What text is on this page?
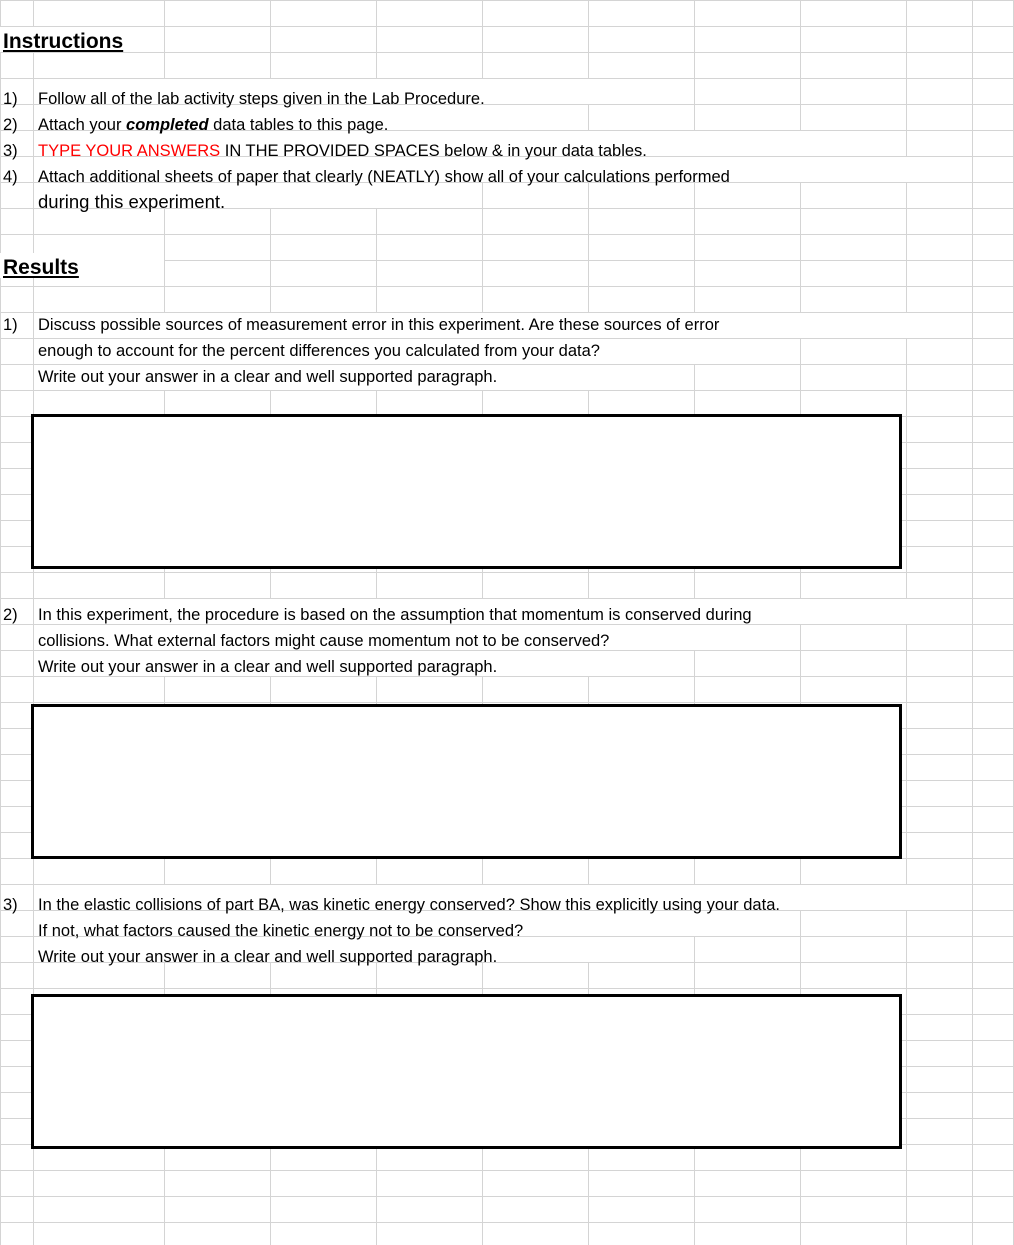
Instructions
1) Follow all of the lab activity steps given in the Lab Procedure.
2) Attach your completed data tables to this page.
3) TYPE YOUR ANSWERS IN THE PROVIDED SPACES below & in your data tables.
4) Attach additional sheets of paper that clearly (NEATLY) show all of your calculations performed
during this experiment.
Results
1) Discuss possible sources of measurement error in this experiment. Are these sources of error
enough to account for the percent differences you calculated from your data?
Write out your answer in a clear and well supported paragraph.
2) In this experiment, the procedure is based on the assumption that momentum is conserved during
collisions. What external factors might cause momentum not to be conserved?
Write out your answer in a clear and well supported paragraph.
3) In the elastic collisions of part BA, was kinetic energy conserved? Show this explicitly using your data.
If not, what factors caused the kinetic energy not to be conserved?
Write out your answer in a clear and well supported paragraph.
